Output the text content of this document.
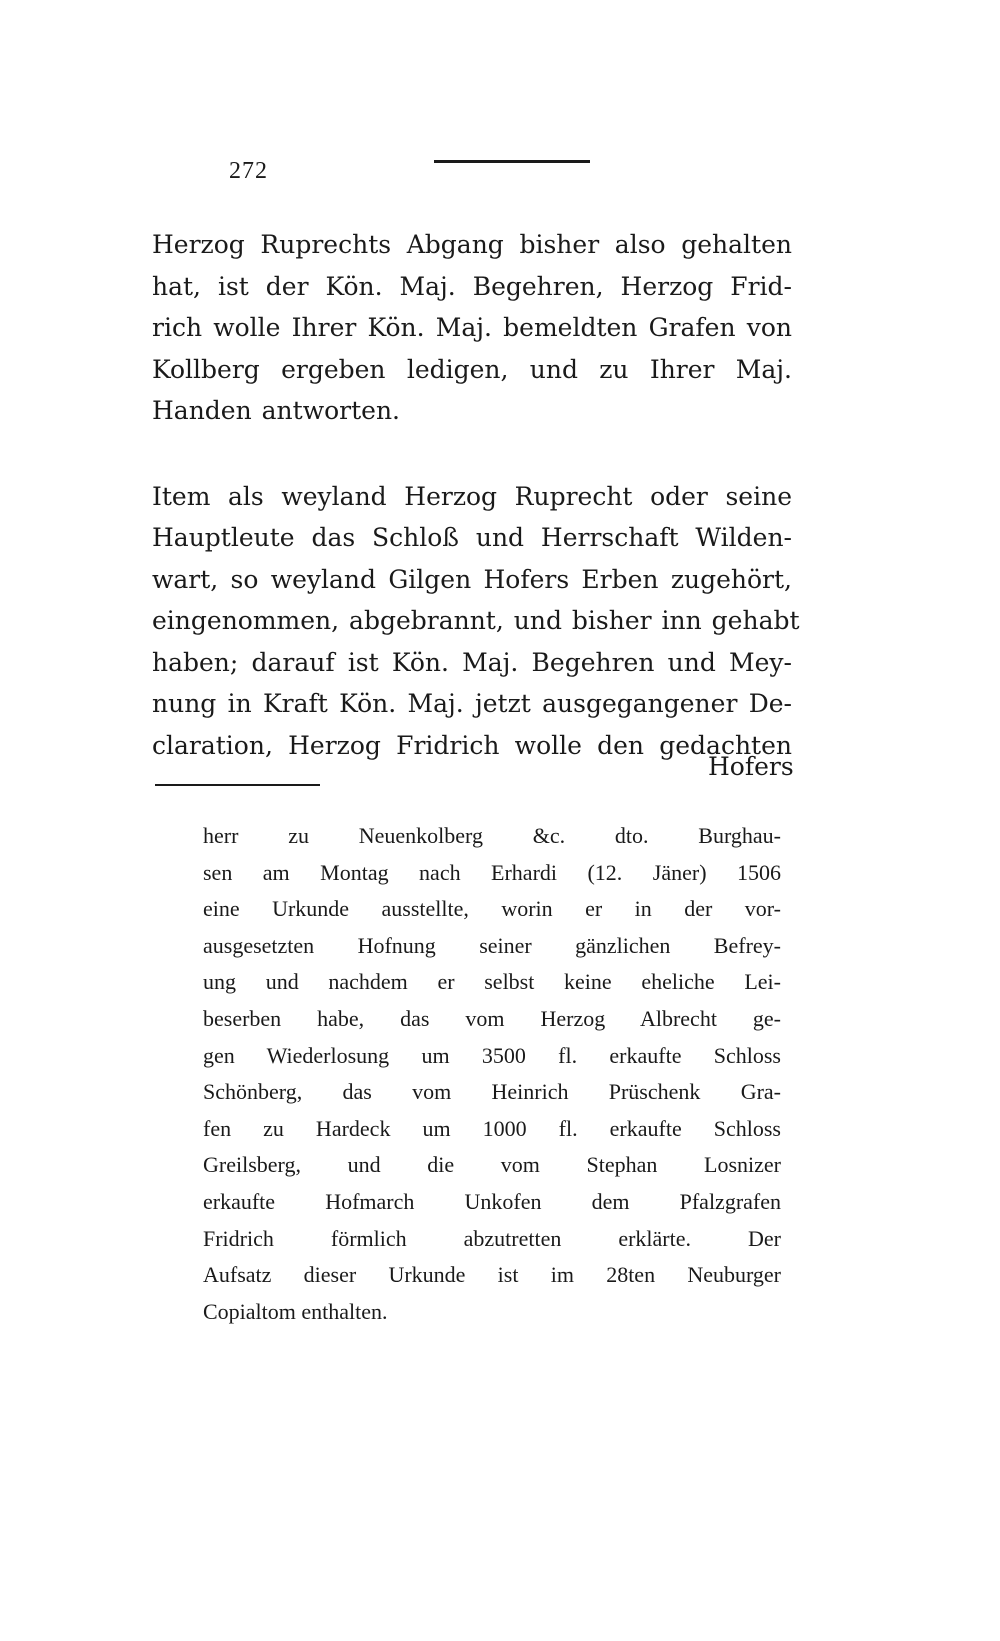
272

Herzog Ruprechts Abgang bisher also gehalten
hat, ist der Kön. Maj. Begehren, Herzog Frid-
rich wolle Ihrer Kön. Maj. bemeldten Grafen von
Kollberg ergeben ledigen, und zu Ihrer Maj.
Handen antworten.

Item als weyland Herzog Ruprecht oder seine
Hauptleute das Schloß und Herrschaft Wilden-
wart, so weyland Gilgen Hofers Erben zugehört,
eingenommen, abgebrannt, und bisher inn gehabt
haben; darauf ist Kön. Maj. Begehren und Mey-
nung in Kraft Kön. Maj. jetzt ausgegangener De-
claration, Herzog Fridrich wolle den gedachten

Hofers
herr zu Neuenkolberg &c. dto. Burghau-
sen am Montag nach Erhardi (12. Jäner) 1506
eine Urkunde ausstellte, worin er in der vor-
ausgesetzten Hofnung seiner gänzlichen Befrey-
ung und nachdem er selbst keine eheliche Lei-
beserben habe, das vom Herzog Albrecht ge-
gen Wiederlosung um 3500 fl. erkaufte Schloss
Schönberg, das vom Heinrich Prüschenk Gra-
fen zu Hardeck um 1000 fl. erkaufte Schloss
Greilsberg, und die vom Stephan Losnizer
erkaufte Hofmarch Unkofen dem Pfalzgrafen
Fridrich förmlich abzutretten erklärte. Der
Aufsatz dieser Urkunde ist im 28ten Neuburger
Copialtom enthalten.
